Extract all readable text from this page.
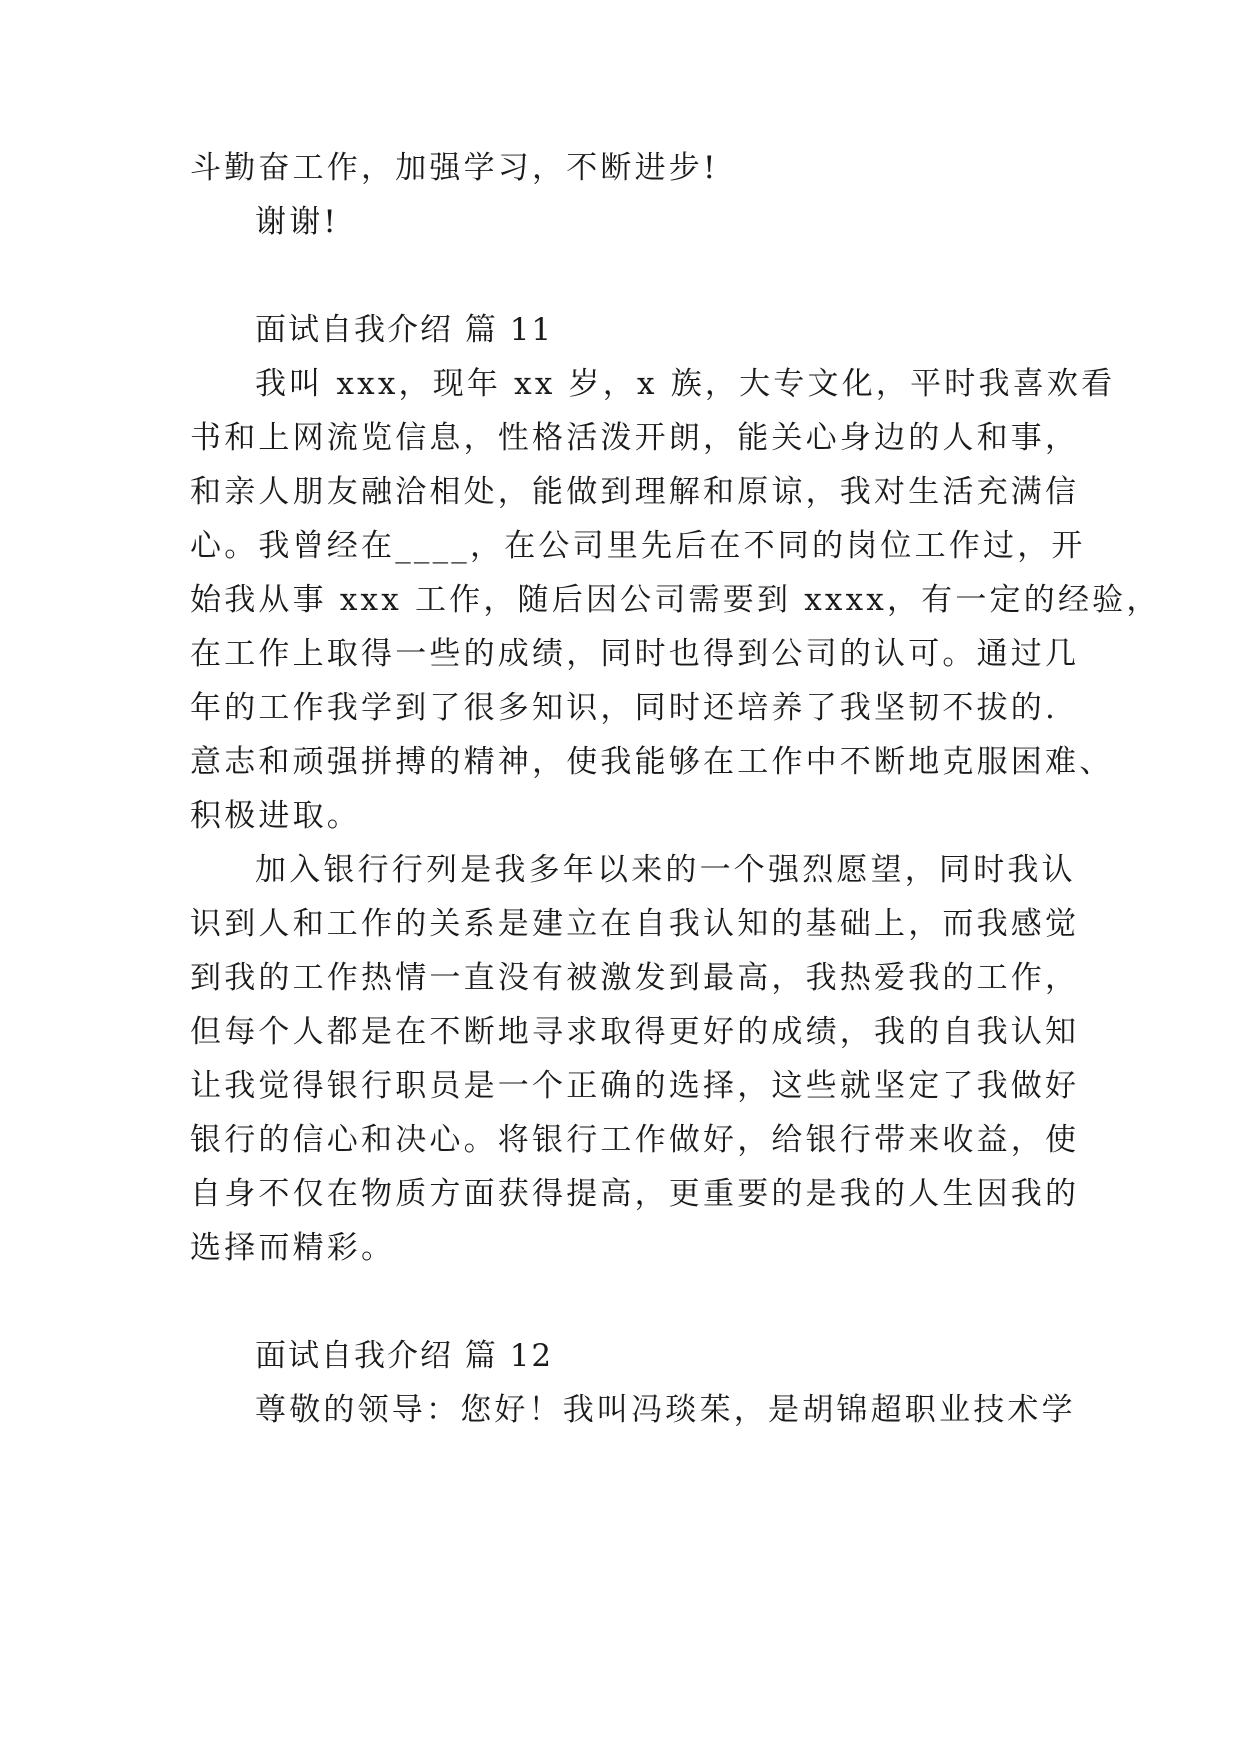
斗勤奋工作，加强学习，不断进步!

谢谢!

面试自我介绍 篇 11

我叫 xxx，现年 xx 岁，x 族，大专文化，平时我喜欢看

书和上网流览信息，性格活泼开朗，能关心身边的人和事，

和亲人朋友融洽相处，能做到理解和原谅，我对生活充满信

心。我曾经在____，在公司里先后在不同的岗位工作过，开

始我从事 xxx 工作，随后因公司需要到 xxxx，有一定的经验，

在工作上取得一些的成绩，同时也得到公司的认可。通过几

年的工作我学到了很多知识，同时还培养了我坚韧不拔的.

意志和顽强拼搏的精神，使我能够在工作中不断地克服困难、

积极进取。

加入银行行列是我多年以来的一个强烈愿望，同时我认

识到人和工作的关系是建立在自我认知的基础上，而我感觉

到我的工作热情一直没有被激发到最高，我热爱我的工作，

但每个人都是在不断地寻求取得更好的成绩，我的自我认知

让我觉得银行职员是一个正确的选择，这些就坚定了我做好

银行的信心和决心。将银行工作做好，给银行带来收益，使

自身不仅在物质方面获得提高，更重要的是我的人生因我的

选择而精彩。

面试自我介绍 篇 12

尊敬的领导：您好！我叫冯琰茱，是胡锦超职业技术学
